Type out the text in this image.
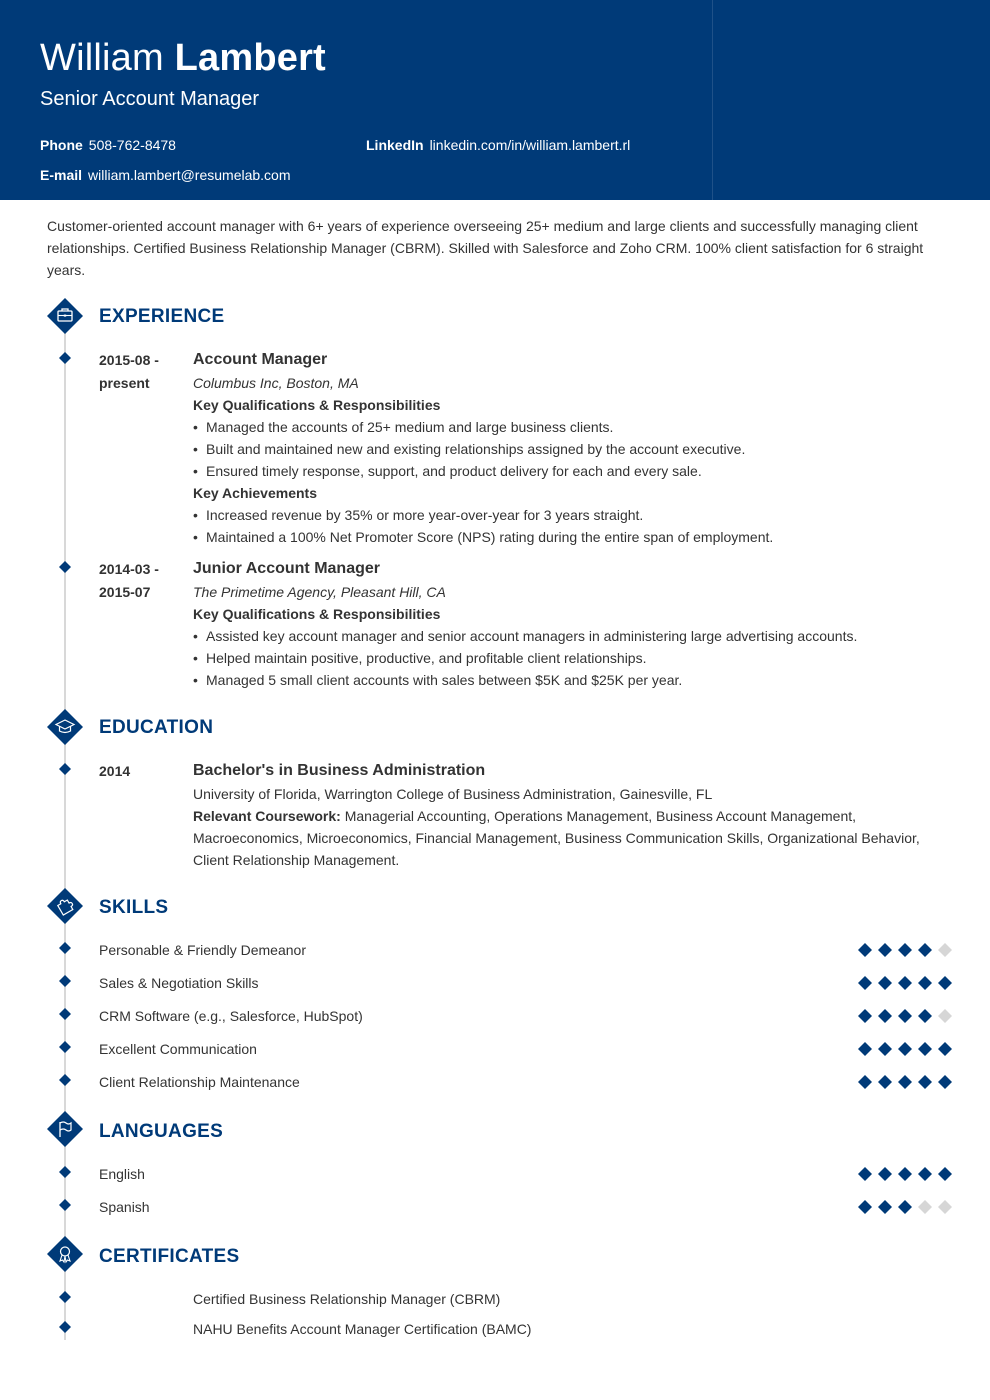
William Lambert
Senior Account Manager
Phone 508-762-8478	LinkedIn linkedin.com/in/william.lambert.rl
E-mail william.lambert@resumelab.com
Customer-oriented account manager with 6+ years of experience overseeing 25+ medium and large clients and successfully managing client relationships. Certified Business Relationship Manager (CBRM). Skilled with Salesforce and Zoho CRM. 100% client satisfaction for 6 straight years.
EXPERIENCE
2015-08 -
present
Account Manager
Columbus Inc, Boston, MA
Key Qualifications & Responsibilities
• Managed the accounts of 25+ medium and large business clients.
• Built and maintained new and existing relationships assigned by the account executive.
• Ensured timely response, support, and product delivery for each and every sale.
Key Achievements
• Increased revenue by 35% or more year-over-year for 3 years straight.
• Maintained a 100% Net Promoter Score (NPS) rating during the entire span of employment.
2014-03 -
2015-07
Junior Account Manager
The Primetime Agency, Pleasant Hill, CA
Key Qualifications & Responsibilities
• Assisted key account manager and senior account managers in administering large advertising accounts.
• Helped maintain positive, productive, and profitable client relationships.
• Managed 5 small client accounts with sales between $5K and $25K per year.
EDUCATION
2014	Bachelor's in Business Administration
University of Florida, Warrington College of Business Administration, Gainesville, FL
Relevant Coursework: Managerial Accounting, Operations Management, Business Account Management, Macroeconomics, Microeconomics, Financial Management, Business Communication Skills, Organizational Behavior, Client Relationship Management.
SKILLS
Personable & Friendly Demeanor
Sales & Negotiation Skills
CRM Software (e.g., Salesforce, HubSpot)
Excellent Communication
Client Relationship Maintenance
LANGUAGES
English
Spanish
CERTIFICATES
Certified Business Relationship Manager (CBRM)
NAHU Benefits Account Manager Certification (BAMC)
